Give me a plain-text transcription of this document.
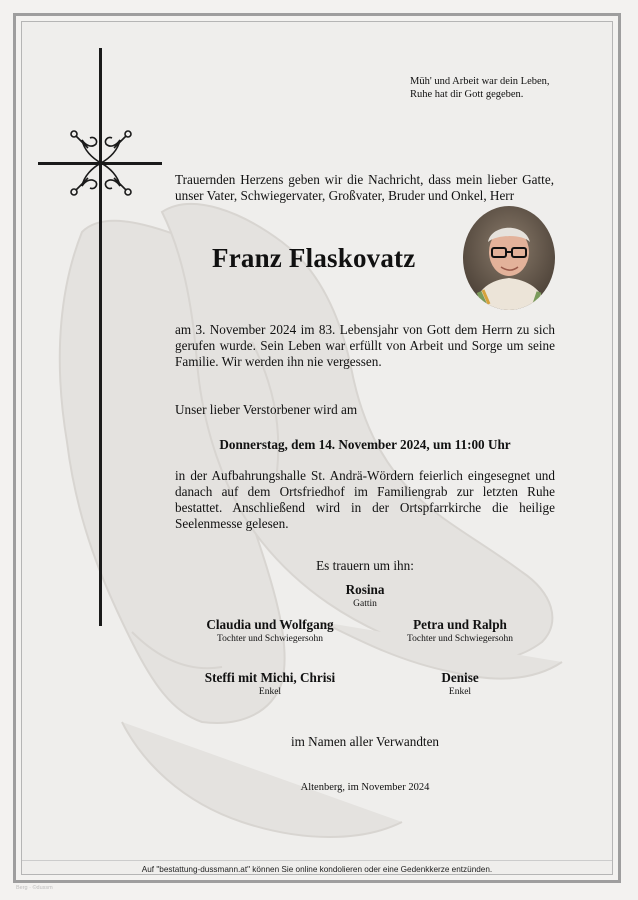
Müh' und Arbeit war dein Leben,
Ruhe hat dir Gott gegeben.
Trauernden Herzens geben wir die Nachricht, dass mein lieber Gatte, unser Vater, Schwiegervater, Großvater, Bruder und Onkel, Herr
Franz Flaskovatz
am 3. November 2024 im 83. Lebensjahr von Gott dem Herrn zu sich gerufen wurde. Sein Leben war erfüllt von Arbeit und Sorge um seine Familie. Wir werden ihn nie vergessen.
Unser lieber Verstorbener wird am
Donnerstag, dem 14. November 2024, um 11:00 Uhr
in der Aufbahrungshalle St. Andrä-Wördern feierlich eingesegnet und danach auf dem Ortsfriedhof im Familiengrab zur letzten Ruhe bestattet. Anschließend wird in der Ortspfarrkirche die heilige Seelenmesse gelesen.
Es trauern um ihn:
Rosina
Gattin
Claudia und Wolfgang
Tochter und Schwiegersohn
Petra und Ralph
Tochter und Schwiegersohn
Steffi mit Michi, Chrisi
Enkel
Denise
Enkel
im Namen aller Verwandten
Altenberg, im November 2024
Auf "bestattung-dussmann.at" können Sie online kondolieren oder eine Gedenkkerze entzünden.
Berg · ©dussm
